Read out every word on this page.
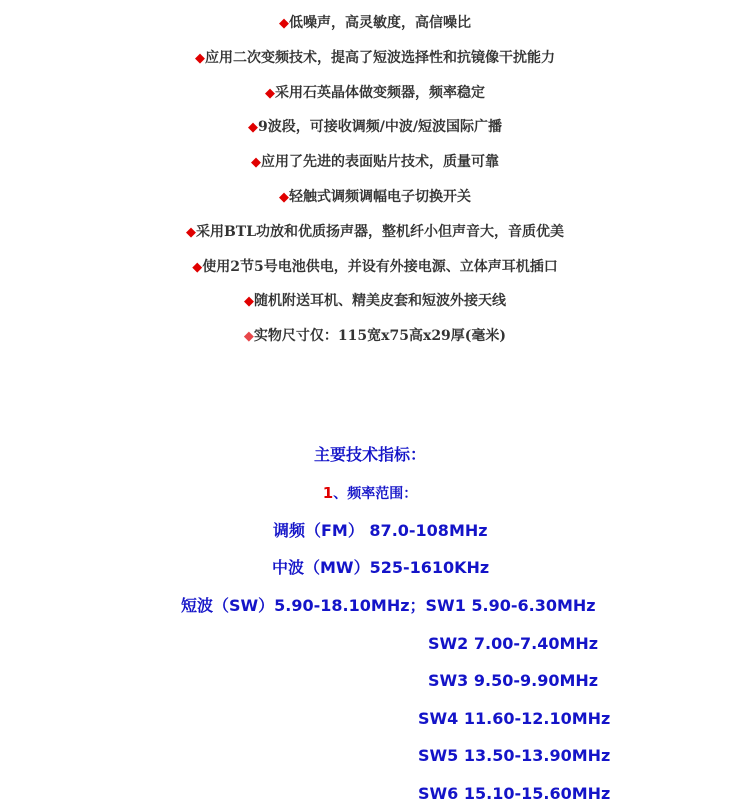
◆低噪声，高灵敏度，高信噪比
◆应用二次变频技术，提高了短波选择性和抗镜像干扰能力
◆采用石英晶体做变频器，频率稳定
◆9波段，可接收调频/中波/短波国际广播
◆应用了先进的表面贴片技术，质量可靠
◆轻触式调频调幅电子切换开关
◆采用BTL功放和优质扬声器，整机纤小但声音大，音质优美
◆使用2节5号电池供电，并设有外接电源、立体声耳机插口
◆随机附送耳机、精美皮套和短波外接天线
◆实物尺寸仅：115宽x75高x29厚(毫米)
主要技术指标：
1、频率范围：
调频（FM） 87.0-108MHz
中波（MW）525-1610KHz
短波（SW）5.90-18.10MHz；SW1 5.90-6.30MHz
SW2 7.00-7.40MHz
SW3 9.50-9.90MHz
SW4 11.60-12.10MHz
SW5 13.50-13.90MHz
SW6 15.10-15.60MHz
